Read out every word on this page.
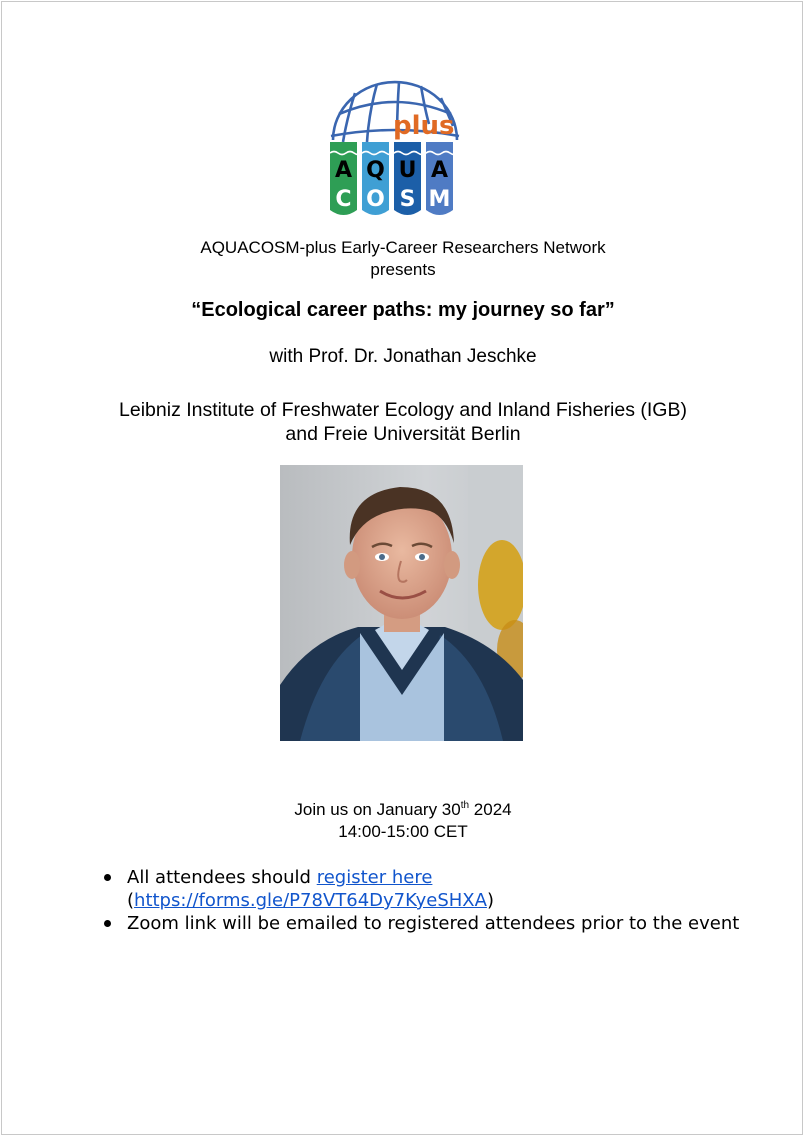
plus
A Q U A
C O S M
AQUACOSM-plus Early-Career Researchers Network
presents
“Ecological career paths: my journey so far”
with Prof. Dr. Jonathan Jeschke
Leibniz Institute of Freshwater Ecology and Inland Fisheries (IGB)
and Freie Universität Berlin
Join us on January 30th 2024
14:00-15:00 CET
All attendees should register here
(https://forms.gle/P78VT64Dy7KyeSHXA)
Zoom link will be emailed to registered attendees prior to the event
